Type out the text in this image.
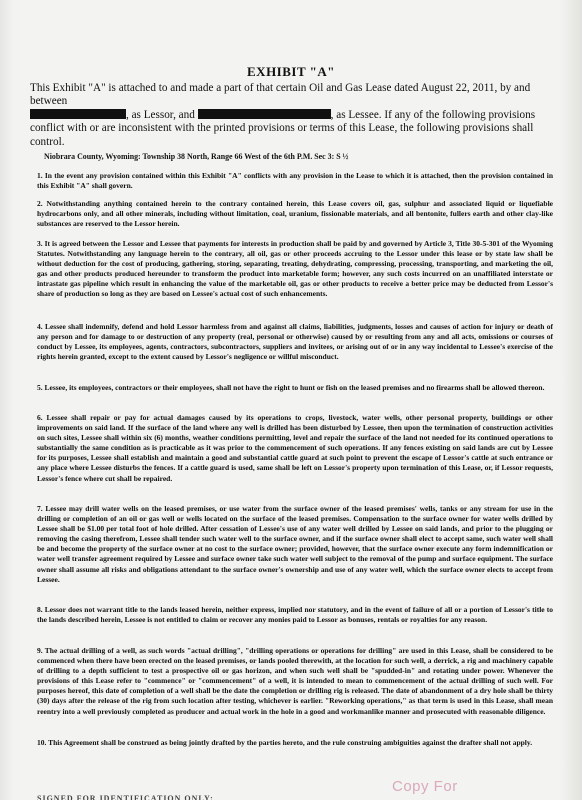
EXHIBIT "A"
This Exhibit "A" is attached to and made a part of that certain Oil and Gas Lease dated August 22, 2011, by and between
, as Lessor, and	, as Lessee. If any of the following provisions conflict with or are inconsistent with the printed provisions or terms of this Lease, the following provisions shall control.
Niobrara County, Wyoming: Township 38 North, Range 66 West of the 6th P.M. Sec 3: S ½
1. In the event any provision contained within this Exhibit "A" conflicts with any provision in the Lease to which it is attached, then the provision contained in this Exhibit "A" shall govern.
2. Notwithstanding anything contained herein to the contrary contained herein, this Lease covers oil, gas, sulphur and associated liquid or liquefiable hydrocarbons only, and all other minerals, including without limitation, coal, uranium, fissionable materials, and all bentonite, fullers earth and other clay-like substances are reserved to the Lessor herein.
3. It is agreed between the Lessor and Lessee that payments for interests in production shall be paid by and governed by Article 3, Title 30-5-301 of the Wyoming Statutes. Notwithstanding any language herein to the contrary, all oil, gas or other proceeds accruing to the Lessor under this lease or by state law shall be without deduction for the cost of producing, gathering, storing, separating, treating, dehydrating, compressing, processing, transporting, and marketing the oil, gas and other products produced hereunder to transform the product into marketable form; however, any such costs incurred on an unaffiliated interstate or intrastate gas pipeline which result in enhancing the value of the marketable oil, gas or other products to receive a better price may be deducted from Lessor's share of production so long as they are based on Lessee's actual cost of such enhancements.
4. Lessee shall indemnify, defend and hold Lessor harmless from and against all claims, liabilities, judgments, losses and causes of action for injury or death of any person and for damage to or destruction of any property (real, personal or otherwise) caused by or resulting from any and all acts, omissions or courses of conduct by Lessee, its employees, agents, contractors, subcontractors, suppliers and invitees, or arising out of or in any way incidental to Lessee's exercise of the rights herein granted, except to the extent caused by Lessor's negligence or willful misconduct.
5. Lessee, its employees, contractors or their employees, shall not have the right to hunt or fish on the leased premises and no firearms shall be allowed thereon.
6. Lessee shall repair or pay for actual damages caused by its operations to crops, livestock, water wells, other personal property, buildings or other improvements on said land. If the surface of the land where any well is drilled has been disturbed by Lessee, then upon the termination of construction activities on such sites, Lessee shall within six (6) months, weather conditions permitting, level and repair the surface of the land not needed for its continued operations to substantially the same condition as is practicable as it was prior to the commencement of such operations. If any fences existing on said lands are cut by Lessee for its purposes, Lessee shall establish and maintain a good and substantial cattle guard at such point to prevent the escape of Lessor's cattle at such entrance or any place where Lessee disturbs the fences. If a cattle guard is used, same shall be left on Lessor's property upon termination of this Lease, or, if Lessor requests, Lessor's fence where cut shall be repaired.
7. Lessee may drill water wells on the leased premises, or use water from the surface owner of the leased premises' wells, tanks or any stream for use in the drilling or completion of an oil or gas well or wells located on the surface of the leased premises. Compensation to the surface owner for water wells drilled by Lessee shall be $1.00 per total foot of hole drilled. After cessation of Lessee's use of any water well drilled by Lessee on said lands, and prior to the plugging or removing the casing therefrom, Lessee shall tender such water well to the surface owner, and if the surface owner shall elect to accept same, such water well shall be and become the property of the surface owner at no cost to the surface owner; provided, however, that the surface owner execute any form indemnification or water well transfer agreement required by Lessee and surface owner take such water well subject to the removal of the pump and surface equipment. The surface owner shall assume all risks and obligations attendant to the surface owner's ownership and use of any water well, which the surface owner elects to accept from Lessee.
8. Lessor does not warrant title to the lands leased herein, neither express, implied nor statutory, and in the event of failure of all or a portion of Lessor's title to the lands described herein, Lessee is not entitled to claim or recover any monies paid to Lessor as bonuses, rentals or royalties for any reason.
9. The actual drilling of a well, as such words "actual drilling", "drilling operations or operations for drilling" are used in this Lease, shall be considered to be commenced when there have been erected on the leased premises, or lands pooled therewith, at the location for such well, a derrick, a rig and machinery capable of drilling to a depth sufficient to test a prospective oil or gas horizon, and when such well shall be "spudded-in" and rotating under power. Whenever the provisions of this Lease refer to "commence" or "commencement" of a well, it is intended to mean to commencement of the actual drilling of such well. For purposes hereof, this date of completion of a well shall be the date the completion or drilling rig is released. The date of abandonment of a dry hole shall be thirty (30) days after the release of the rig from such location after testing, whichever is earlier. "Reworking operations," as that term is used in this Lease, shall mean reentry into a well previously completed as producer and actual work in the hole in a good and workmanlike manner and prosecuted with reasonable diligence.
10. This Agreement shall be construed as being jointly drafted by the parties hereto, and the rule construing ambiguities against the drafter shall not apply.
Copy For
SIGNED FOR IDENTIFICATION ONLY:
